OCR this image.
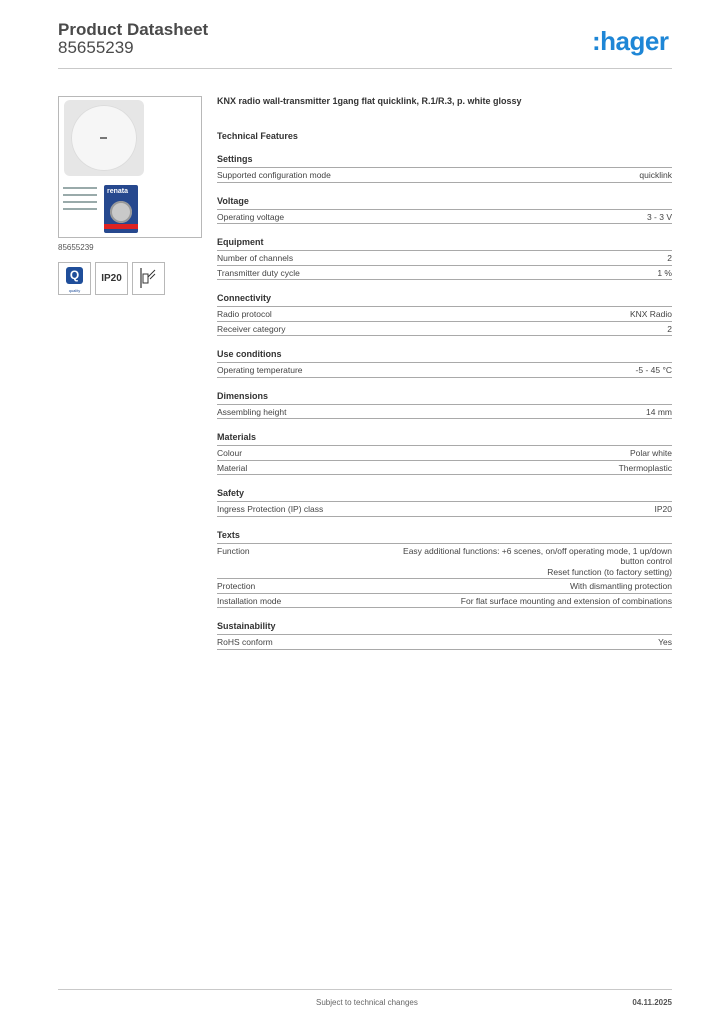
Product Datasheet
85655239	:hager
renata
85655239
Q
quality
IP20
KNX radio wall-transmitter 1gang flat quicklink, R.1/R.3, p. white glossy
Technical Features
Settings
Supported configuration mode	quicklink
Voltage
Operating voltage	3 - 3 V
Equipment
Number of channels	2
Transmitter duty cycle	1 %
Connectivity
Radio protocol	KNX Radio
Receiver category	2
Use conditions
Operating temperature	-5 - 45 °C
Dimensions
Assembling height	14 mm
Materials
Colour	Polar white
Material	Thermoplastic
Safety
Ingress Protection (IP) class	IP20
Texts
Function	Easy additional functions: +6 scenes, on/off operating mode, 1 up/down
button control
Reset function (to factory setting)
Protection	With dismantling protection
Installation mode	For flat surface mounting and extension of combinations
Sustainability
RoHS conform	Yes
Subject to technical changes	04.11.2025
